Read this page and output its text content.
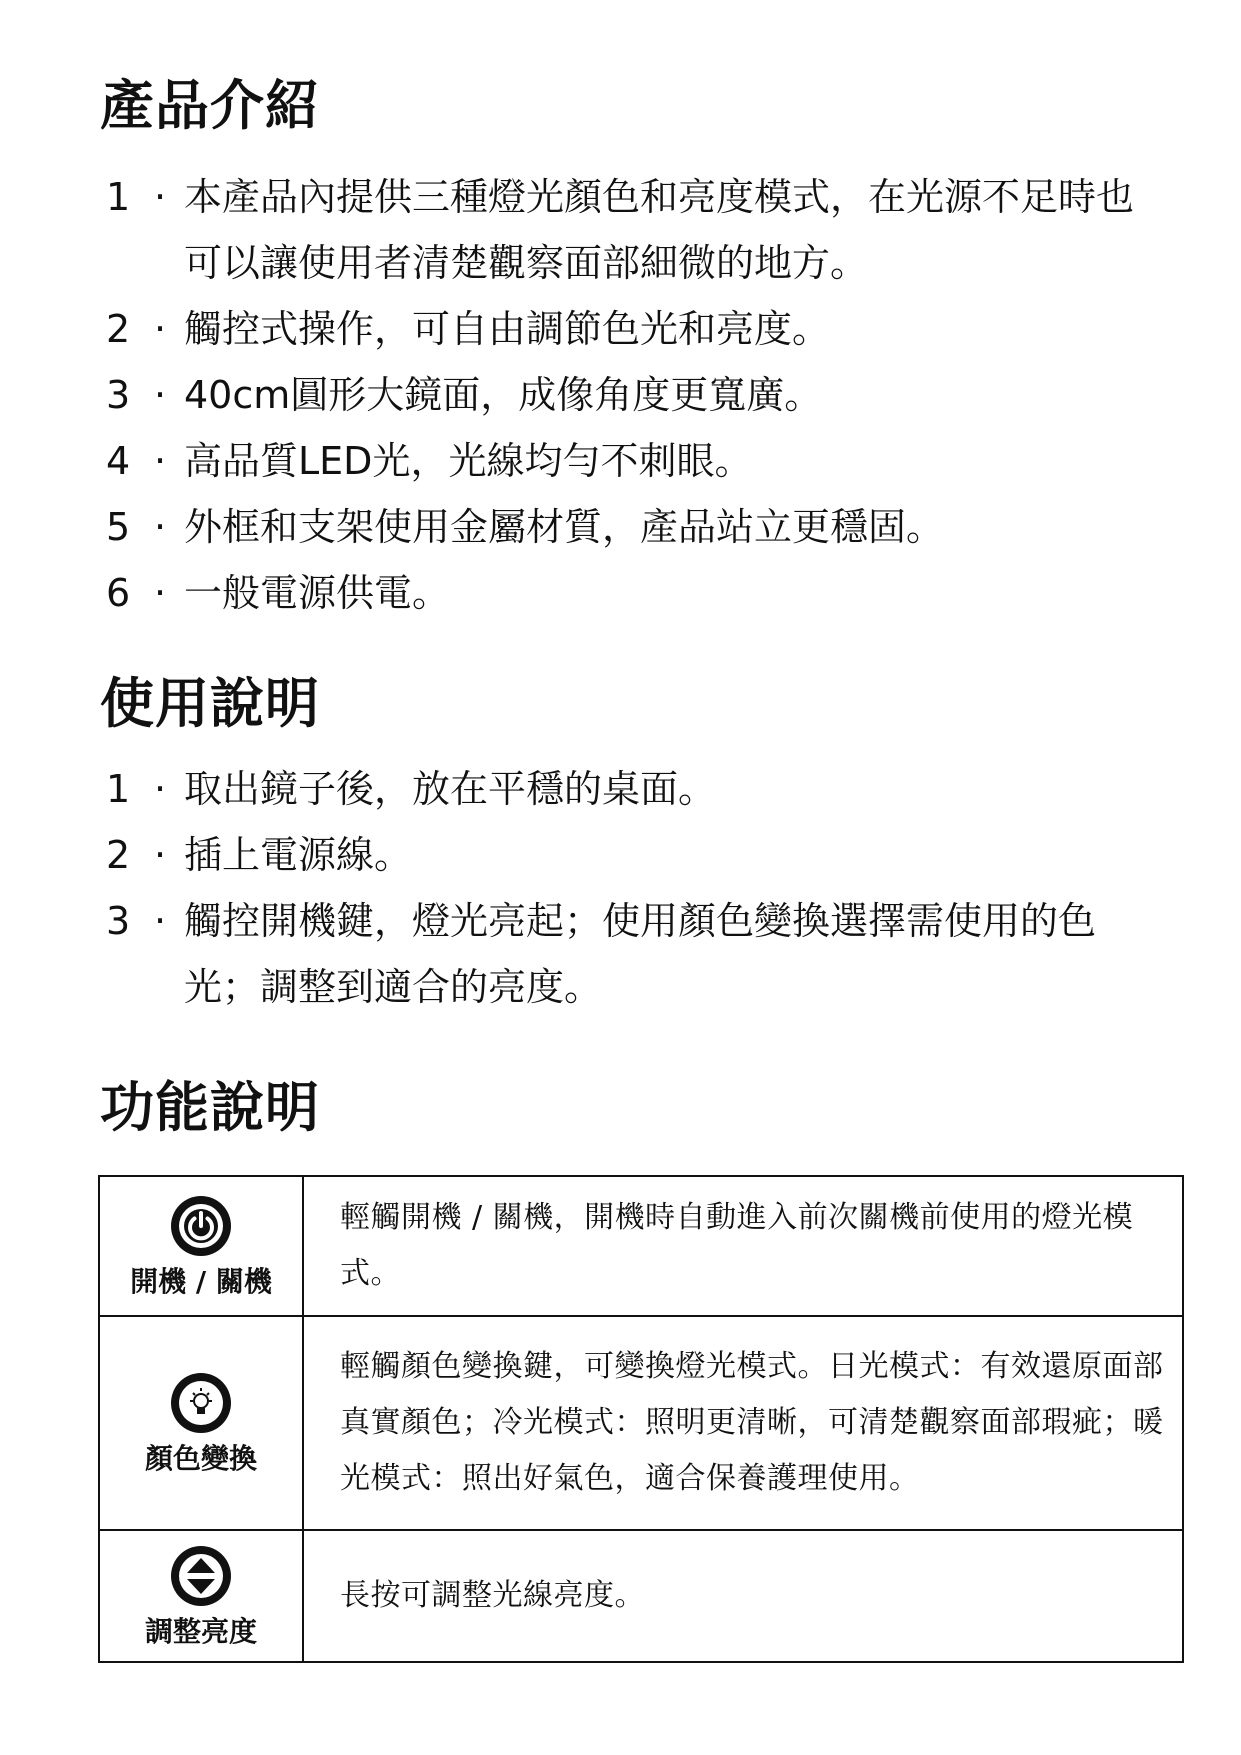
產品介紹
1 · 本產品內提供三種燈光顏色和亮度模式，在光源不足時也可以讓使用者清楚觀察面部細微的地方。
2 · 觸控式操作，可自由調節色光和亮度。
3 · 40cm圓形大鏡面，成像角度更寬廣。
4 · 高品質LED光，光線均勻不刺眼。
5 · 外框和支架使用金屬材質，產品站立更穩固。
6 · 一般電源供電。
使用說明
1 · 取出鏡子後，放在平穩的桌面。
2 · 插上電源線。
3 · 觸控開機鍵，燈光亮起；使用顏色變換選擇需使用的色光；調整到適合的亮度。
功能說明
開機 / 關機	輕觸開機 / 關機，開機時自動進入前次關機前使用的燈光模式。

顏色變換	輕觸顏色變換鍵，可變換燈光模式。日光模式：有效還原面部真實顏色；冷光模式：照明更清晰，可清楚觀察面部瑕疵；暖光模式：照出好氣色，適合保養護理使用。

調整亮度	長按可調整光線亮度。
